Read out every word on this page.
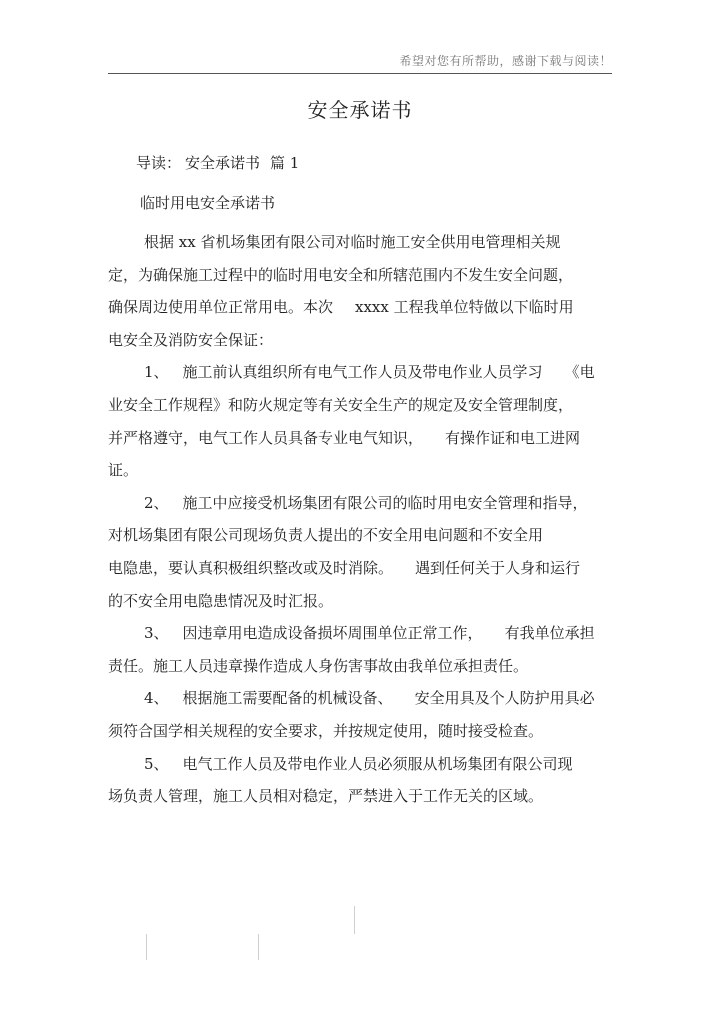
希望对您有所帮助，感谢下载与阅读！
安全承诺书
导读： 安全承诺书 篇 1
临时用电安全承诺书
根据 xx 省机场集团有限公司对临时施工安全供用电管理相关规
定，为确保施工过程中的临时用电安全和所辖范围内不发生安全问题，
确保周边使用单位正常用电。本次 xxxx 工程我单位特做以下临时用
电安全及消防安全保证：
1、 施工前认真组织所有电气工作人员及带电作业人员学习 《电
业安全工作规程》和防火规定等有关安全生产的规定及安全管理制度，
并严格遵守，电气工作人员具备专业电气知识， 有操作证和电工进网
证。
2、 施工中应接受机场集团有限公司的临时用电安全管理和指导，
对机场集团有限公司现场负责人提出的不安全用电问题和不安全用
电隐患，要认真积极组织整改或及时消除。 遇到任何关于人身和运行
的不安全用电隐患情况及时汇报。
3、 因违章用电造成设备损坏周围单位正常工作， 有我单位承担
责任。施工人员违章操作造成人身伤害事故由我单位承担责任。
4、 根据施工需要配备的机械设备、 安全用具及个人防护用具必
须符合国学相关规程的安全要求，并按规定使用，随时接受检查。
5、 电气工作人员及带电作业人员必须服从机场集团有限公司现
场负责人管理，施工人员相对稳定，严禁进入于工作无关的区域。
